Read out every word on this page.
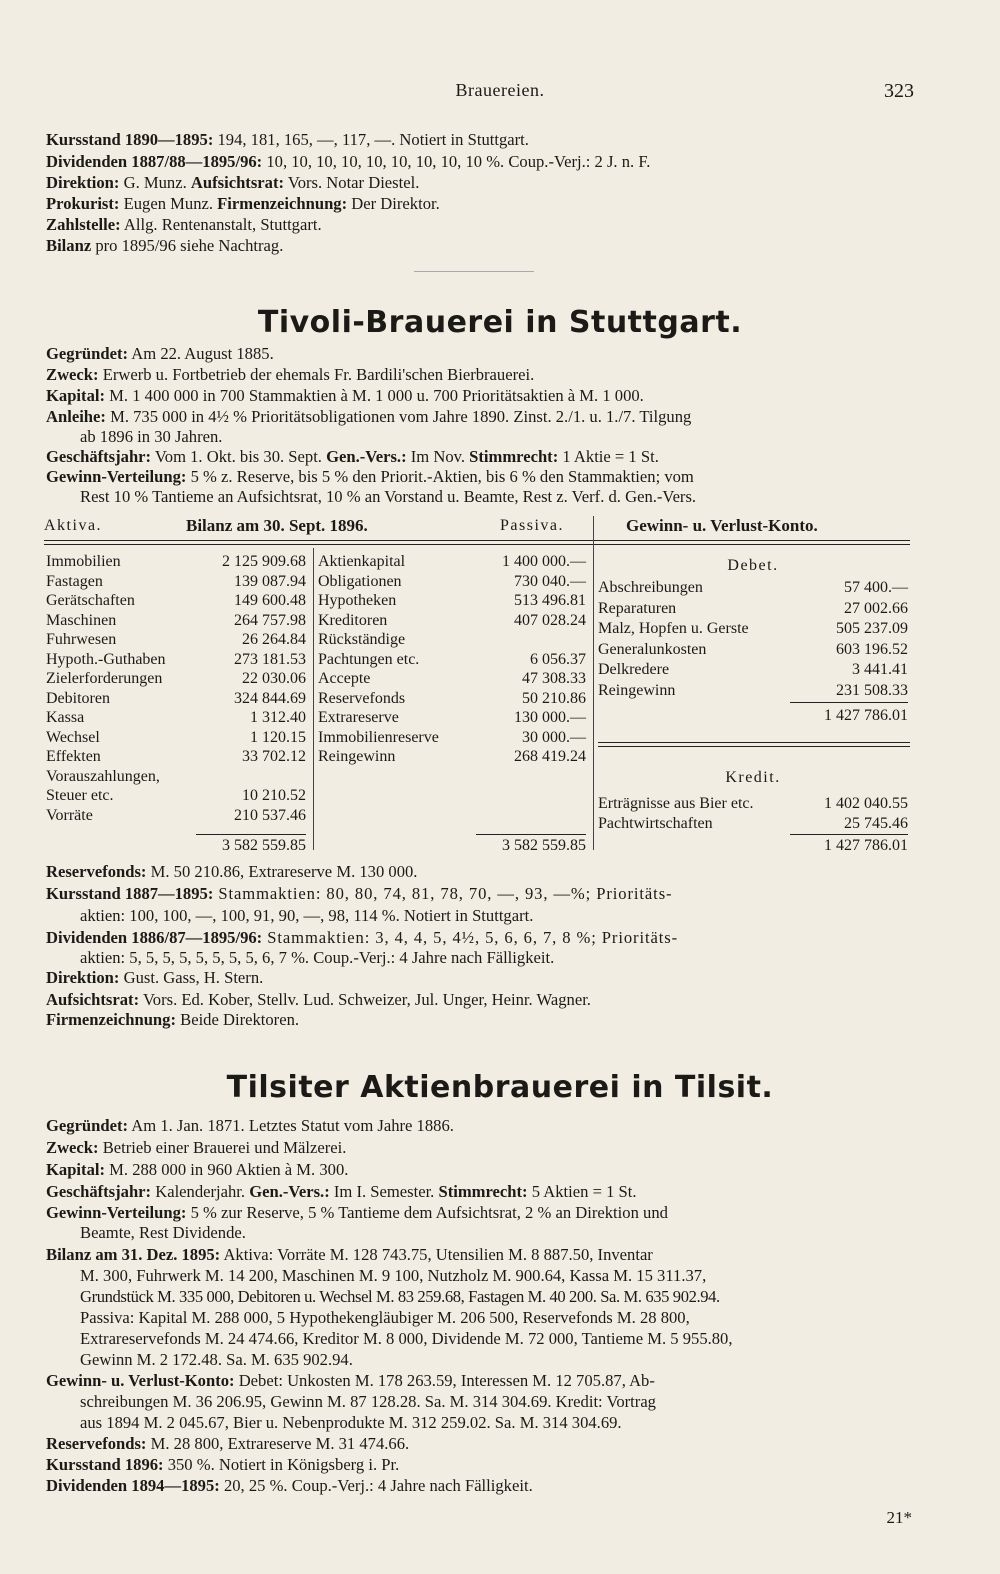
Brauereien.	323
Kursstand 1890—1895: 194, 181, 165, —, 117, —. Notiert in Stuttgart.
Dividenden 1887/88—1895/96: 10, 10, 10, 10, 10, 10, 10, 10, 10 %. Coup.-Verj.: 2 J. n. F.
Direktion: G. Munz. Aufsichtsrat: Vors. Notar Diestel.
Prokurist: Eugen Munz. Firmenzeichnung: Der Direktor.
Zahlstelle: Allg. Rentenanstalt, Stuttgart.
Bilanz pro 1895/96 siehe Nachtrag.
Tivoli-Brauerei in Stuttgart.
Gegründet: Am 22. August 1885.
Zweck: Erwerb u. Fortbetrieb der ehemals Fr. Bardili'schen Bierbrauerei.
Kapital: M. 1 400 000 in 700 Stammaktien à M. 1 000 u. 700 Prioritätsaktien à M. 1 000.
Anleihe: M. 735 000 in 4½ % Prioritätsobligationen vom Jahre 1890. Zinst. 2./1. u. 1./7. Tilgung
ab 1896 in 30 Jahren.
Geschäftsjahr: Vom 1. Okt. bis 30. Sept. Gen.-Vers.: Im Nov. Stimmrecht: 1 Aktie = 1 St.
Gewinn-Verteilung: 5 % z. Reserve, bis 5 % den Priorit.-Aktien, bis 6 % den Stammaktien; vom
Rest 10 % Tantieme an Aufsichtsrat, 10 % an Vorstand u. Beamte, Rest z. Verf. d. Gen.-Vers.
Aktiva.	Bilanz am 30. Sept. 1896.	Passiva.	Gewinn- u. Verlust-Konto.
Immobilien	2 125 909.68
Fastagen	139 087.94
Gerätschaften	149 600.48
Maschinen	264 757.98
Fuhrwesen	26 264.84
Hypoth.-Guthaben	273 181.53
Zielerforderungen	22 030.06
Debitoren	324 844.69
Kassa	1 312.40
Wechsel	1 120.15
Effekten	33 702.12
Vorauszahlungen,
Steuer etc.	10 210.52
Vorräte	210 537.46
Aktienkapital	1 400 000.—
Obligationen	730 040.—
Hypotheken	513 496.81
Kreditoren	407 028.24
Rückständige
Pachtungen etc.	6 056.37
Accepte	47 308.33
Reservefonds	50 210.86
Extrareserve	130 000.—
Immobilienreserve	30 000.—
Reingewinn	268 419.24
3 582 559.85	3 582 559.85
Debet.
Abschreibungen	57 400.—
Reparaturen	27 002.66
Malz, Hopfen u. Gerste	505 237.09
Generalunkosten	603 196.52
Delkredere	3 441.41
Reingewinn	231 508.33
1 427 786.01
Kredit.
Erträgnisse aus Bier etc.	1 402 040.55
Pachtwirtschaften	25 745.46
1 427 786.01
Reservefonds: M. 50 210.86, Extrareserve M. 130 000.
Kursstand 1887—1895: Stammaktien: 80, 80, 74, 81, 78, 70, —, 93, —%; Prioritäts-
aktien: 100, 100, —, 100, 91, 90, —, 98, 114 %. Notiert in Stuttgart.
Dividenden 1886/87—1895/96: Stammaktien: 3, 4, 4, 5, 4½, 5, 6, 6, 7, 8 %; Prioritäts-
aktien: 5, 5, 5, 5, 5, 5, 5, 5, 6, 7 %. Coup.-Verj.: 4 Jahre nach Fälligkeit.
Direktion: Gust. Gass, H. Stern.
Aufsichtsrat: Vors. Ed. Kober, Stellv. Lud. Schweizer, Jul. Unger, Heinr. Wagner.
Firmenzeichnung: Beide Direktoren.
Tilsiter Aktienbrauerei in Tilsit.
Gegründet: Am 1. Jan. 1871. Letztes Statut vom Jahre 1886.
Zweck: Betrieb einer Brauerei und Mälzerei.
Kapital: M. 288 000 in 960 Aktien à M. 300.
Geschäftsjahr: Kalenderjahr. Gen.-Vers.: Im I. Semester. Stimmrecht: 5 Aktien = 1 St.
Gewinn-Verteilung: 5 % zur Reserve, 5 % Tantieme dem Aufsichtsrat, 2 % an Direktion und
Beamte, Rest Dividende.
Bilanz am 31. Dez. 1895: Aktiva: Vorräte M. 128 743.75, Utensilien M. 8 887.50, Inventar
M. 300, Fuhrwerk M. 14 200, Maschinen M. 9 100, Nutzholz M. 900.64, Kassa M. 15 311.37,
Grundstück M. 335 000, Debitoren u. Wechsel M. 83 259.68, Fastagen M. 40 200. Sa. M. 635 902.94.
Passiva: Kapital M. 288 000, 5 Hypothekengläubiger M. 206 500, Reservefonds M. 28 800,
Extrareservefonds M. 24 474.66, Kreditor M. 8 000, Dividende M. 72 000, Tantieme M. 5 955.80,
Gewinn M. 2 172.48. Sa. M. 635 902.94.
Gewinn- u. Verlust-Konto: Debet: Unkosten M. 178 263.59, Interessen M. 12 705.87, Ab-
schreibungen M. 36 206.95, Gewinn M. 87 128.28. Sa. M. 314 304.69. Kredit: Vortrag
aus 1894 M. 2 045.67, Bier u. Nebenprodukte M. 312 259.02. Sa. M. 314 304.69.
Reservefonds: M. 28 800, Extrareserve M. 31 474.66.
Kursstand 1896: 350 %. Notiert in Königsberg i. Pr.
Dividenden 1894—1895: 20, 25 %. Coup.-Verj.: 4 Jahre nach Fälligkeit.
21*
